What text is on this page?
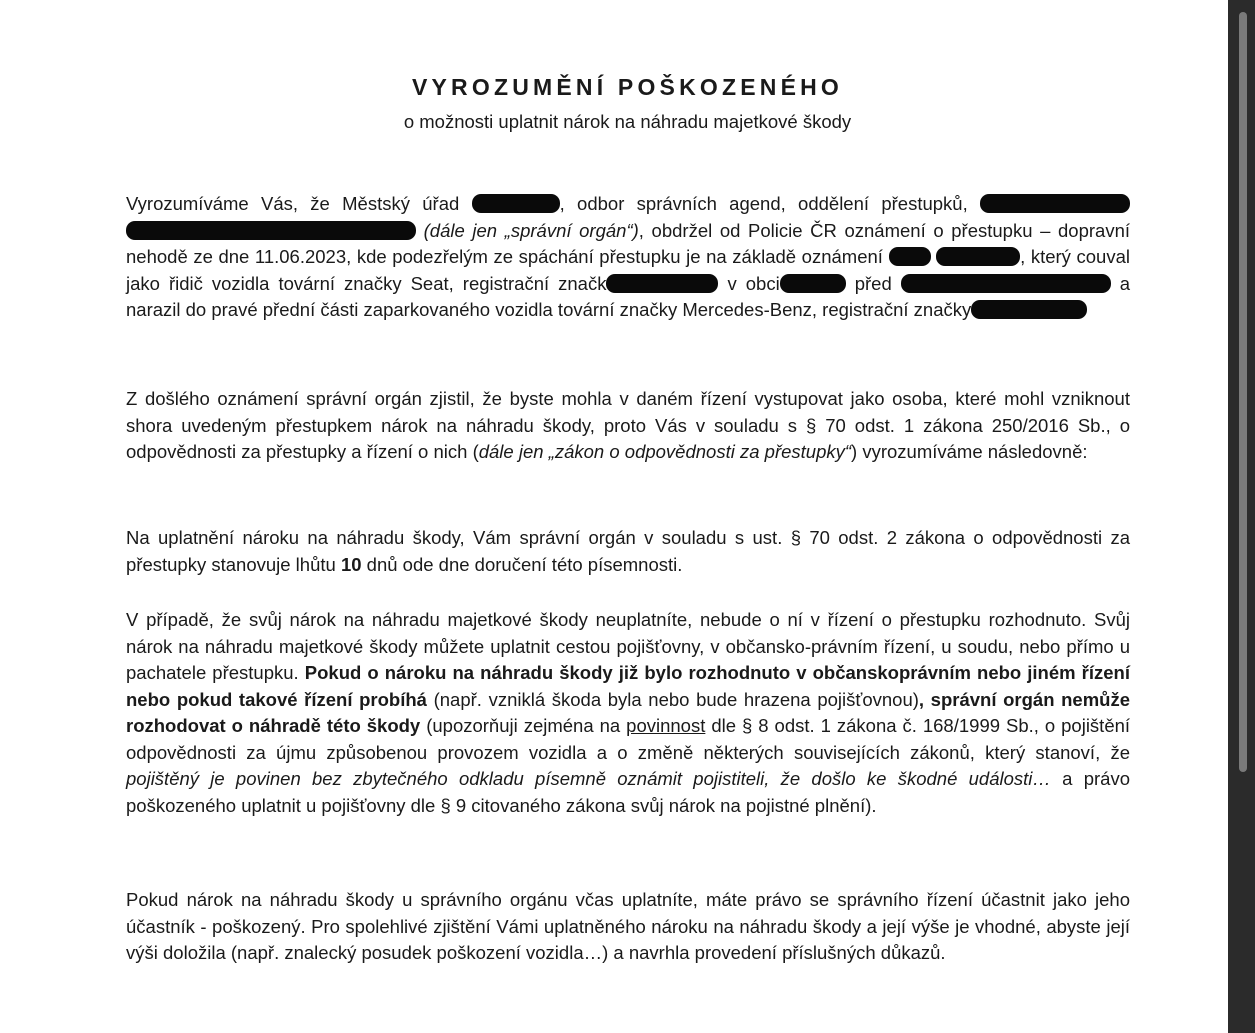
VYROZUMĚNÍ POŠKOZENÉHO
o možnosti uplatnit nárok na náhradu majetkové škody

Vyrozumíváme Vás, že Městský úřad	, odbor správních agend, oddělení přestupků,   (dále jen „správní orgán“), obdržel od Policie ČR oznámení o přestupku – dopravní nehodě ze dne 11.06.2023, kde podezřelým ze spáchání přestupku je na základě oznámení	, který couval jako řidič vozidla tovární značky Seat, registrační značk	v obci	před	a narazil do pravé přední části zaparkovaného vozidla tovární značky Mercedes-Benz, registrační značky

Z došlého oznámení správní orgán zjistil, že byste mohla v daném řízení vystupovat jako osoba, které mohl vzniknout shora uvedeným přestupkem nárok na náhradu škody, proto Vás v souladu s § 70 odst. 1 zákona 250/2016 Sb., o odpovědnosti za přestupky a řízení o nich (dále jen „zákon o odpovědnosti za přestupky“) vyrozumíváme následovně:

Na uplatnění nároku na náhradu škody, Vám správní orgán v souladu s ust. § 70 odst. 2 zákona o odpovědnosti za přestupky stanovuje lhůtu 10 dnů ode dne doručení této písemnosti.

V případě, že svůj nárok na náhradu majetkové škody neuplatníte, nebude o ní v řízení o přestupku rozhodnuto. Svůj nárok na náhradu majetkové škody můžete uplatnit cestou pojišťovny, v občansko-právním řízení, u soudu, nebo přímo u pachatele přestupku. Pokud o nároku na náhradu škody již bylo rozhodnuto v občanskoprávním nebo jiném řízení nebo pokud takové řízení probíhá (např. vzniklá škoda byla nebo bude hrazena pojišťovnou), správní orgán nemůže rozhodovat o náhradě této škody (upozorňuji zejména na povinnost dle § 8 odst. 1 zákona č. 168/1999 Sb., o pojištění odpovědnosti za újmu způsobenou provozem vozidla a o změně některých souvisejících zákonů, který stanoví, že pojištěný je povinen bez zbytečného odkladu písemně oznámit pojistiteli, že došlo ke škodné události… a právo poškozeného uplatnit u pojišťovny dle § 9 citovaného zákona svůj nárok na pojistné plnění).

Pokud nárok na náhradu škody u správního orgánu včas uplatníte, máte právo se správního řízení účastnit jako jeho účastník - poškozený. Pro spolehlivé zjištění Vámi uplatněného nároku na náhradu škody a její výše je vhodné, abyste její výši doložila (např. znalecký posudek poškození vozidla…) a navrhla provedení příslušných důkazů.
